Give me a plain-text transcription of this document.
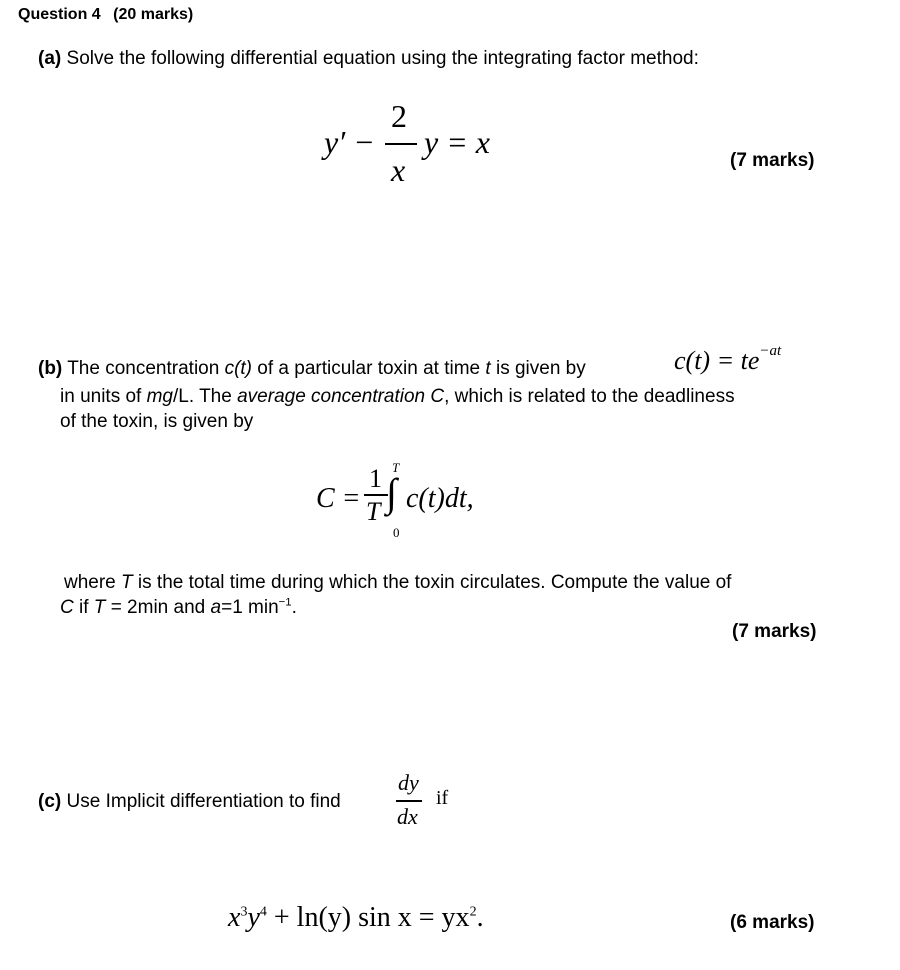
Question 4 (20 marks)
(a) Solve the following differential equation using the integrating factor method:
y′ −
2
x
y = x
(7 marks)
(b) The concentration c(t) of a particular toxin at time t is given by	$c(t) = te^{-at}$
in units of mg/L. The average concentration C, which is related to the deadliness
of the toxin, is given by
C =
1
T
T
∫
0
c(t)dt,
where T is the total time during which the toxin circulates. Compute the value of
C if T = 2min and a=1 $\min^{-1}$.
(7 marks)
(c) Use Implicit differentiation to find
dy
dx
if
$x^3y^4 + \ln(y)$ $\sin x = yx^2$.	(6 marks)
